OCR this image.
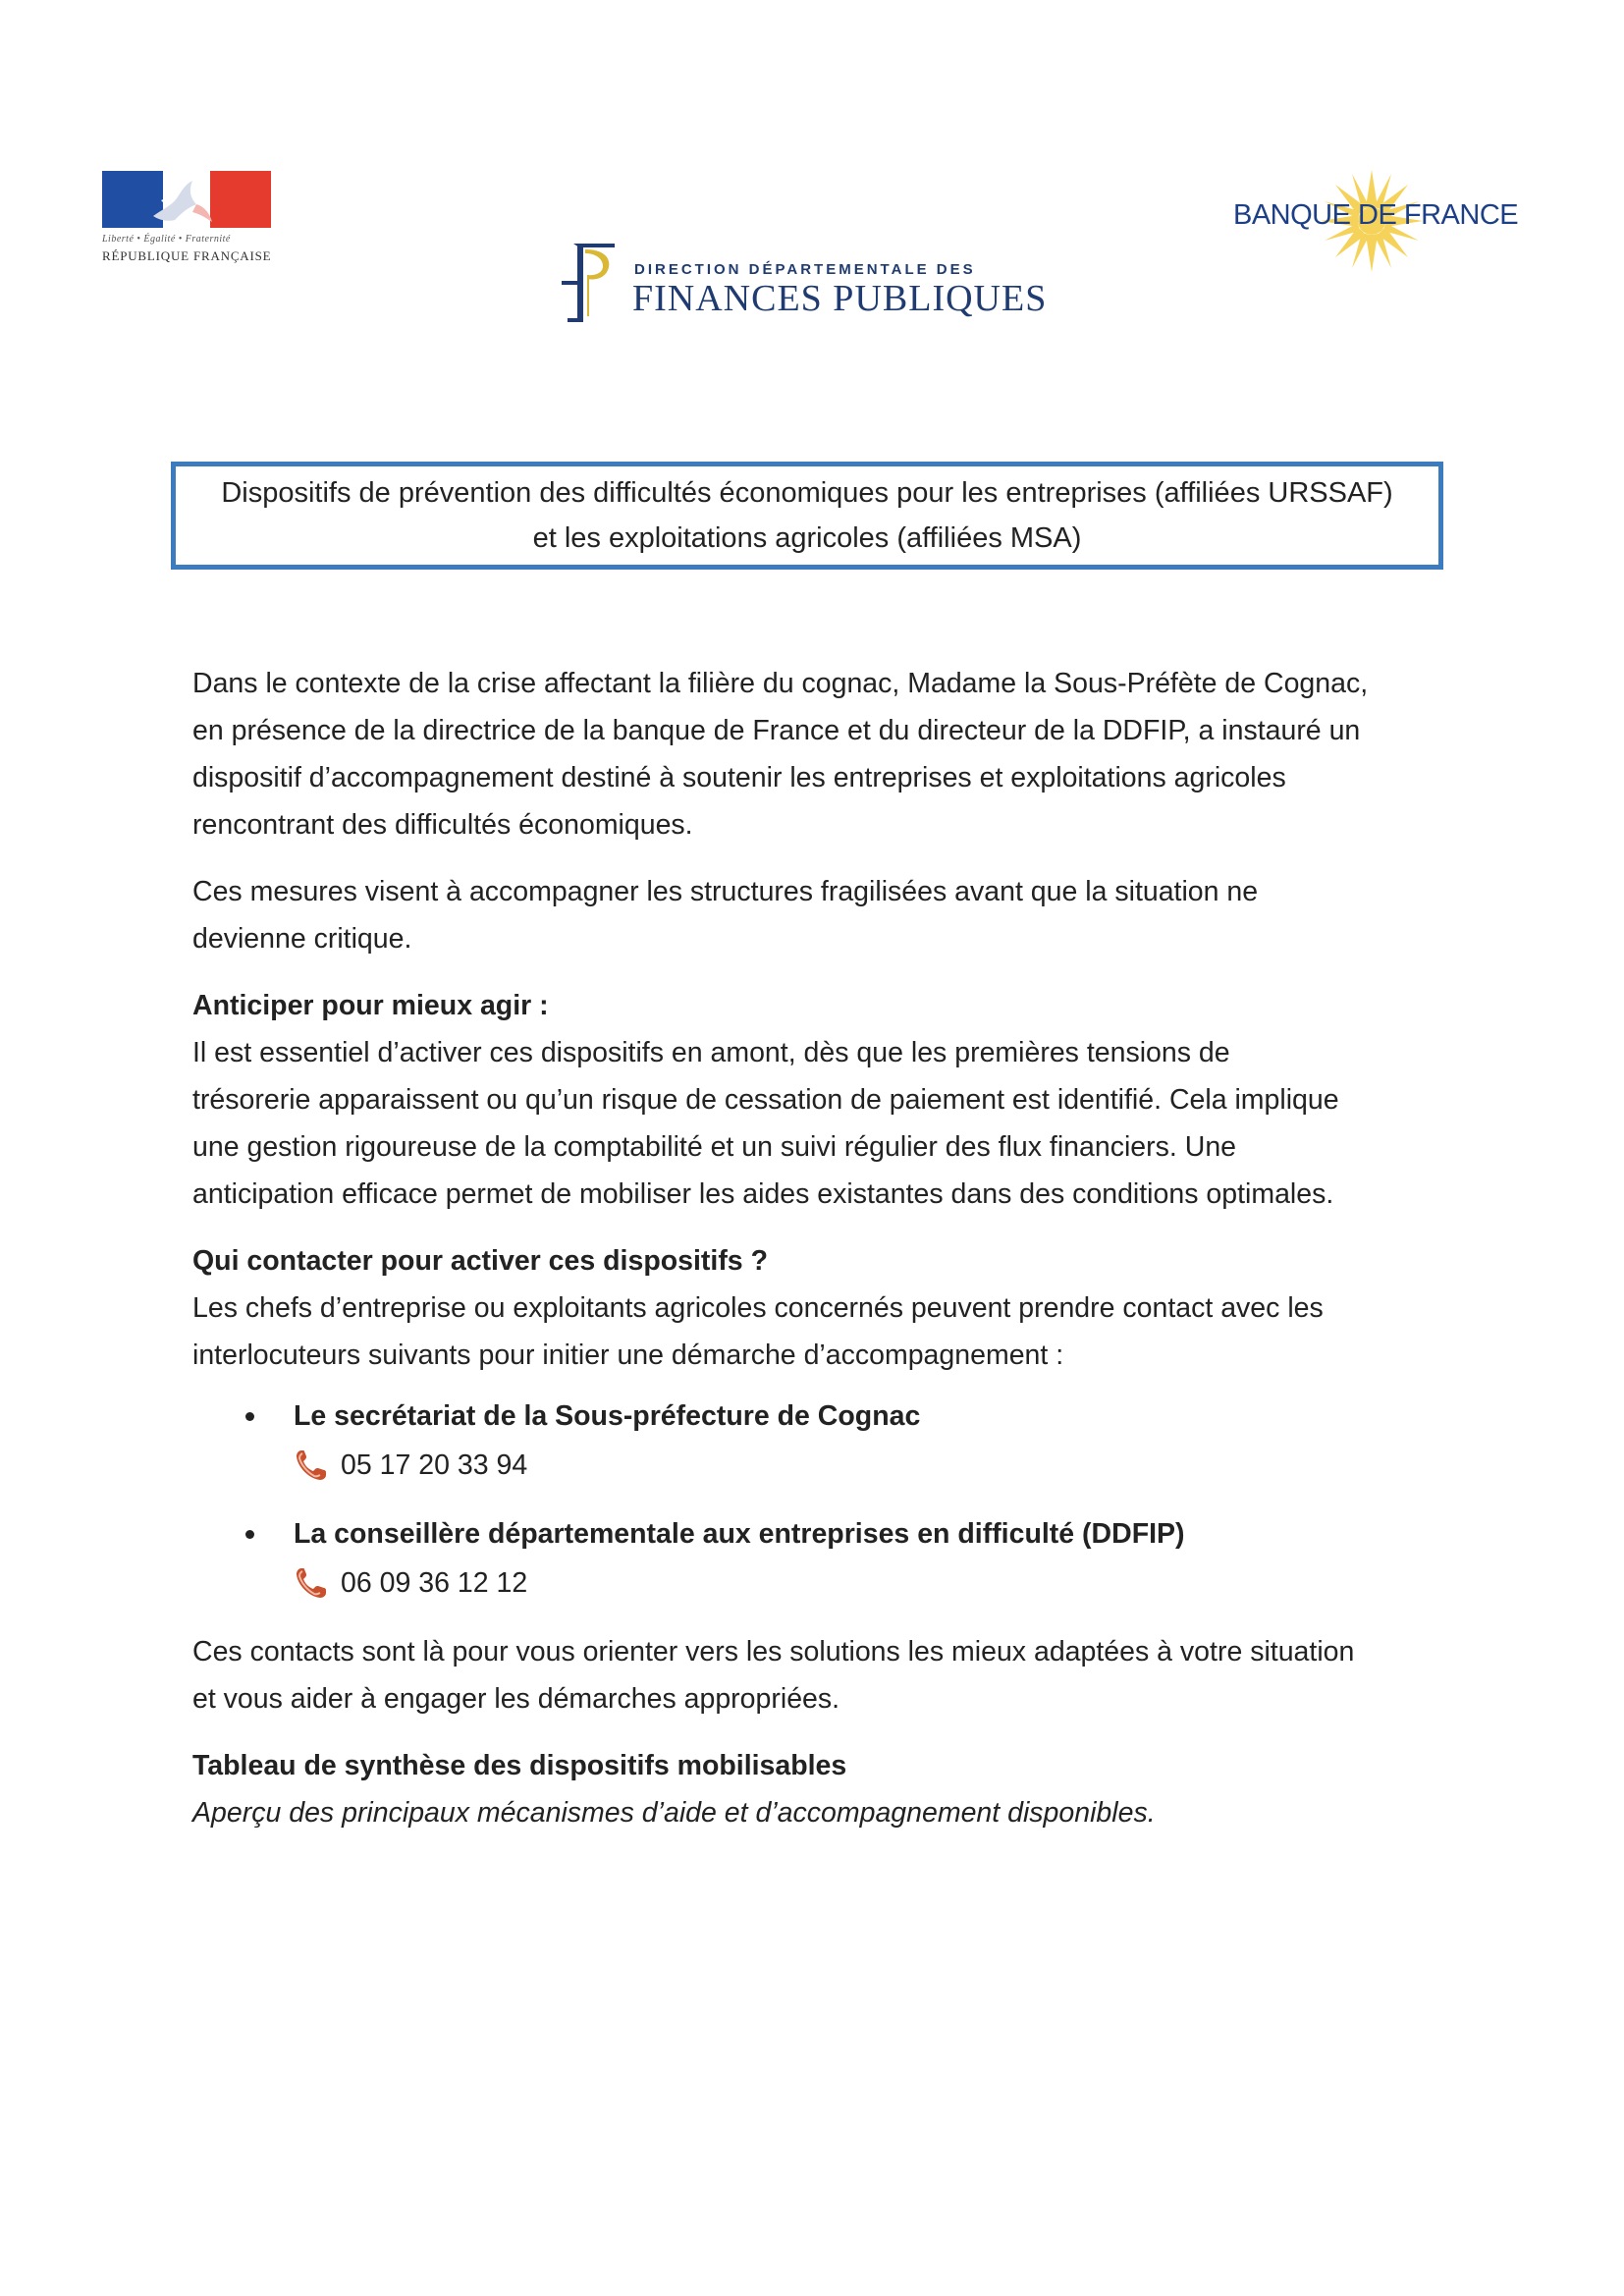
Liberté • Égalité • Fraternité
RÉPUBLIQUE FRANÇAISE
DIRECTION DÉPARTEMENTALE DES
FINANCES PUBLIQUES
BANQUE DE FRANCE
Dispositifs de prévention des difficultés économiques pour les entreprises (affiliées URSSAF)
et les exploitations agricoles (affiliées MSA)

Dans le contexte de la crise affectant la filière du cognac, Madame la Sous-Préfète de Cognac,

en présence de la directrice de la banque de France et du directeur de la DDFIP, a instauré un

dispositif d’accompagnement destiné à soutenir les entreprises et exploitations agricoles

rencontrant des difficultés économiques.

Ces mesures visent à accompagner les structures fragilisées avant que la situation ne

devienne critique.

Anticiper pour mieux agir :

Il est essentiel d’activer ces dispositifs en amont, dès que les premières tensions de

trésorerie apparaissent ou qu’un risque de cessation de paiement est identifié. Cela implique

une gestion rigoureuse de la comptabilité et un suivi régulier des flux financiers. Une

anticipation efficace permet de mobiliser les aides existantes dans des conditions optimales.

Qui contacter pour activer ces dispositifs ?

Les chefs d’entreprise ou exploitants agricoles concernés peuvent prendre contact avec les

interlocuteurs suivants pour initier une démarche d’accompagnement :

Le secrétariat de la Sous-préfecture de Cognac

05 17 20 33 94

La conseillère départementale aux entreprises en difficulté (DDFIP)

06 09 36 12 12

Ces contacts sont là pour vous orienter vers les solutions les mieux adaptées à votre situation

et vous aider à engager les démarches appropriées.

Tableau de synthèse des dispositifs mobilisables

Aperçu des principaux mécanismes d’aide et d’accompagnement disponibles.
